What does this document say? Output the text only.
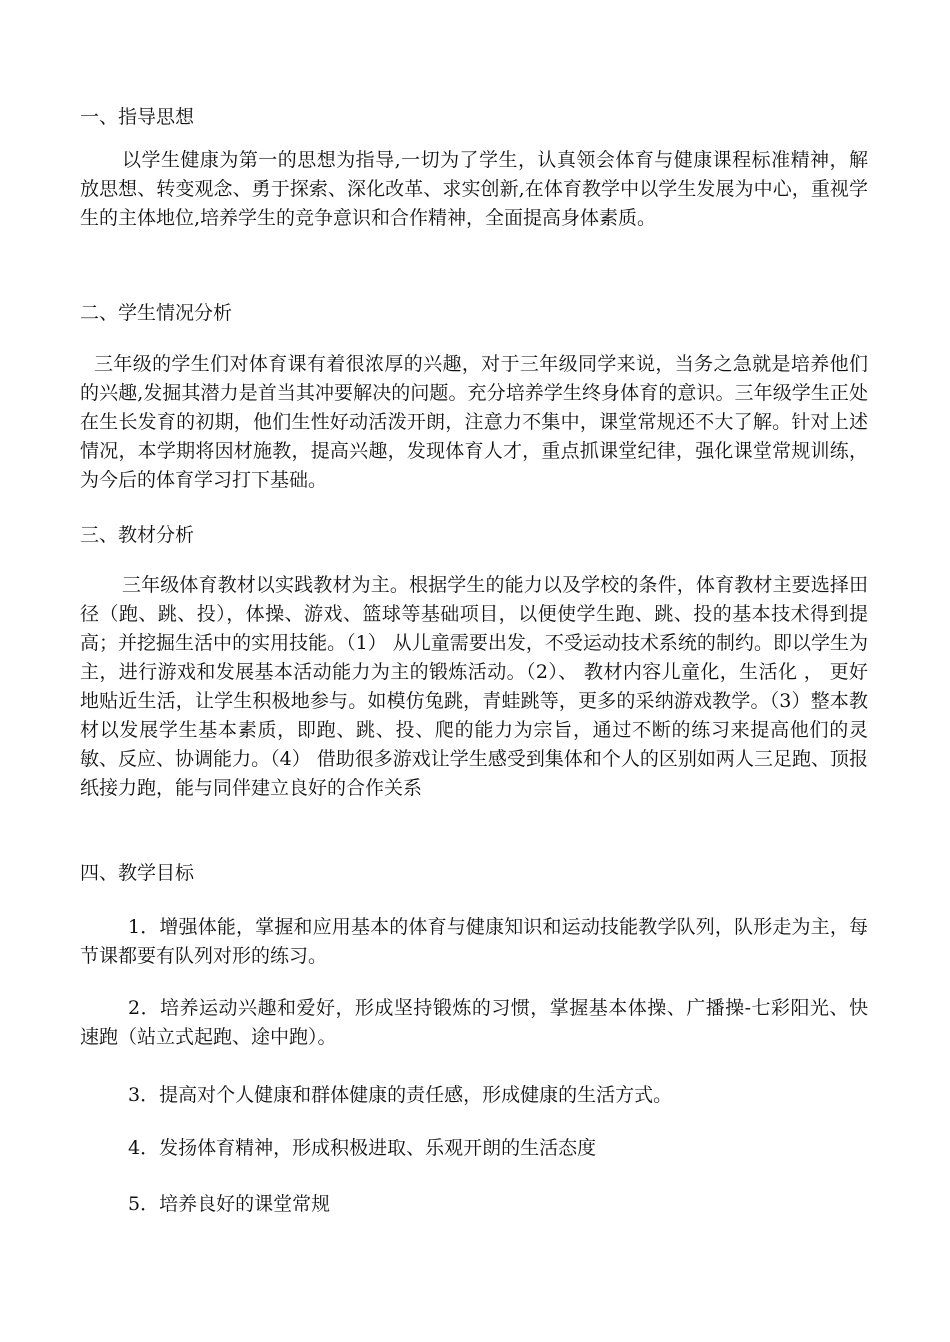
一、指导思想
以学生健康为第一的思想为指导,一切为了学生，认真领会体育与健康课程标准精神，解放思想、转变观念、勇于探索、深化改革、求实创新,在体育教学中以学生发展为中心，重视学生的主体地位,培养学生的竞争意识和合作精神，全面提高身体素质。
二、学生情况分析
三年级的学生们对体育课有着很浓厚的兴趣，对于三年级同学来说，当务之急就是培养他们的兴趣,发掘其潜力是首当其冲要解决的问题。充分培养学生终身体育的意识。三年级学生正处在生长发育的初期，他们生性好动活泼开朗，注意力不集中，课堂常规还不大了解。针对上述情况，本学期将因材施教，提高兴趣，发现体育人才，重点抓课堂纪律，强化课堂常规训练，为今后的体育学习打下基础。
三、教材分析
三年级体育教材以实践教材为主。根据学生的能力以及学校的条件，体育教材主要选择田径（跑、跳、投），体操、游戏、篮球等基础项目，以便使学生跑、跳、投的基本技术得到提高；并挖掘生活中的实用技能。（1） 从儿童需要出发，不受运动技术系统的制约。即以学生为主，进行游戏和发展基本活动能力为主的锻炼活动。（2）、 教材内容儿童化，生活化 ， 更好地贴近生活，让学生积极地参与。如模仿兔跳，青蛙跳等，更多的采纳游戏教学。（3）整本教材以发展学生基本素质，即跑、跳、投、爬的能力为宗旨，通过不断的练习来提高他们的灵敏、反应、协调能力。（4） 借助很多游戏让学生感受到集体和个人的区别如两人三足跑、顶报纸接力跑，能与同伴建立良好的合作关系
四、教学目标
1．增强体能，掌握和应用基本的体育与健康知识和运动技能教学队列，队形走为主，每节课都要有队列对形的练习。
2．培养运动兴趣和爱好，形成坚持锻炼的习惯，掌握基本体操、广播操-七彩阳光、快速跑（站立式起跑、途中跑）。
3．提高对个人健康和群体健康的责任感，形成健康的生活方式。
4．发扬体育精神，形成积极进取、乐观开朗的生活态度
5．培养良好的课堂常规
